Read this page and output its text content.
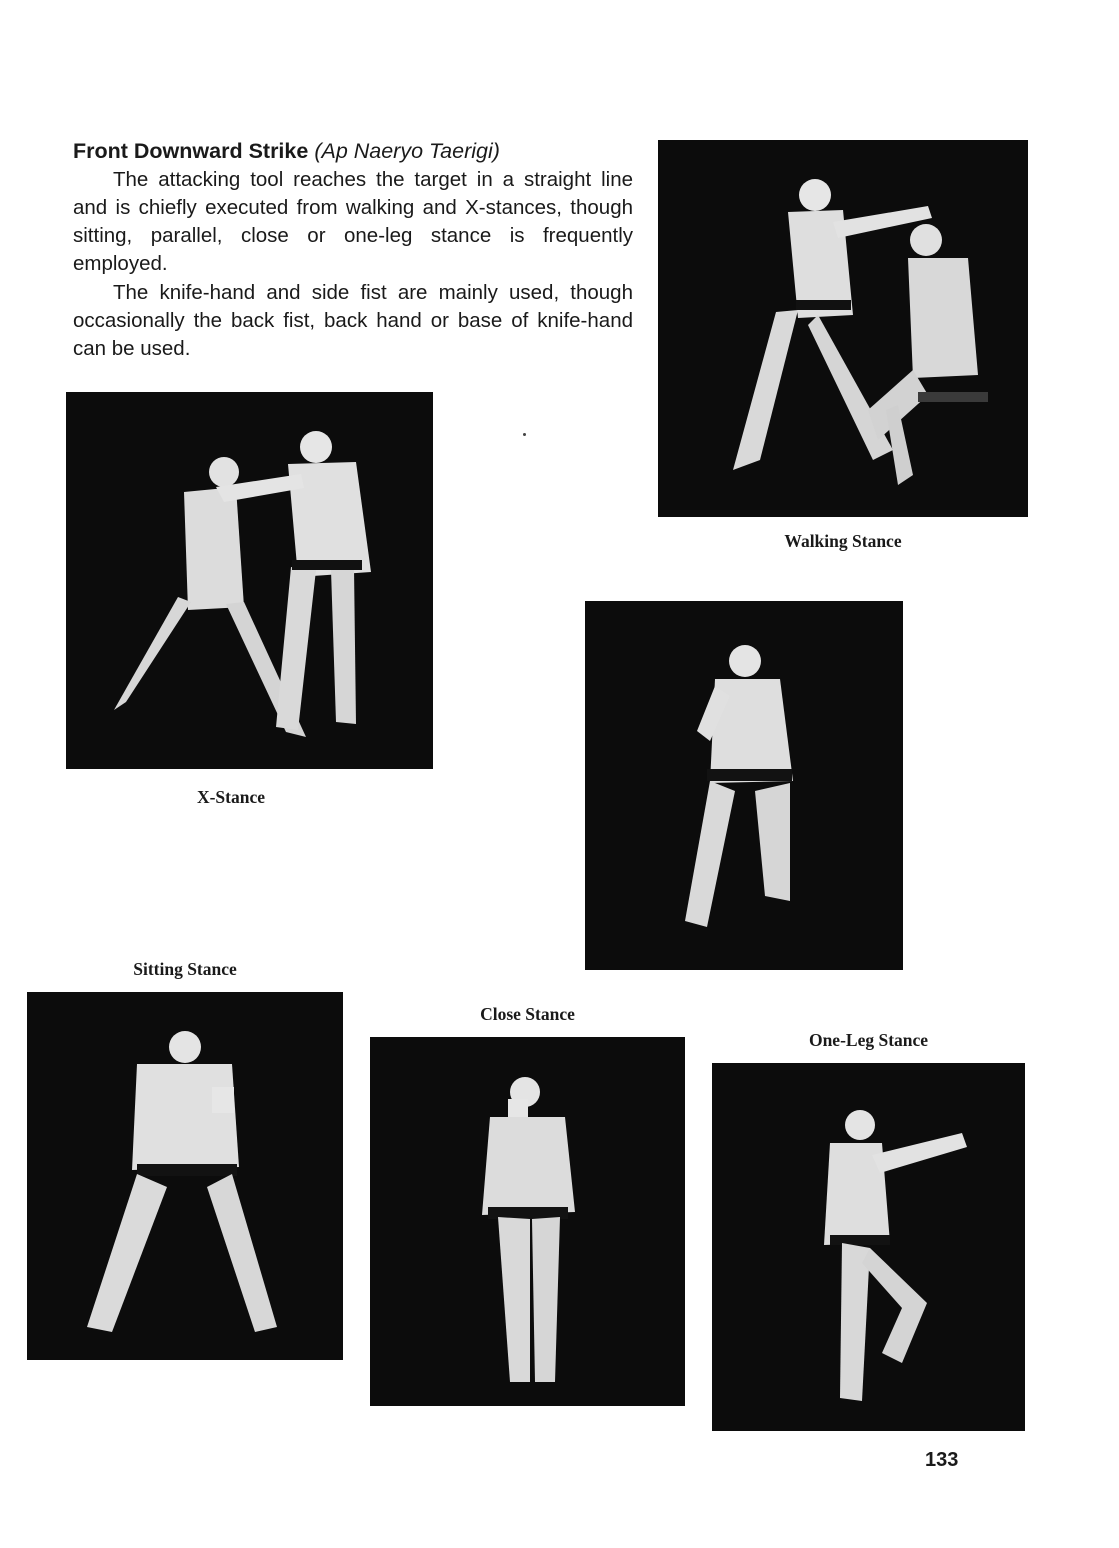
Front Downward Strike (Ap Naeryo Taerigi)

The attacking tool reaches the target in a straight line and is chiefly executed from walking and X-stances, though sitting, parallel, close or one-leg stance is frequently employed.

The knife-hand and side fist are mainly used, though occasionally the back fist, back hand or base of knife-hand can be used.

Walking Stance
X-Stance
Sitting Stance
Close Stance
One-Leg Stance
133
